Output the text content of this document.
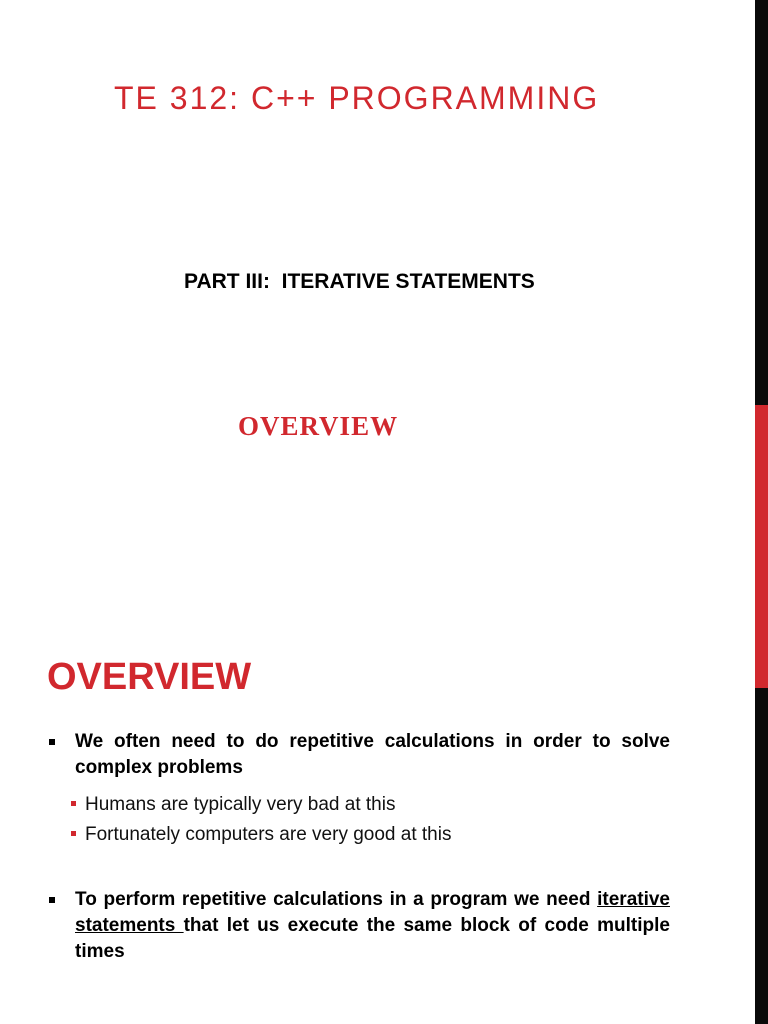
TE 312: C++ PROGRAMMING
PART III:  ITERATIVE STATEMENTS
OVERVIEW
OVERVIEW
We often need to do repetitive calculations in order to solve complex problems
Humans are typically very bad at this
Fortunately computers are very good at this
To perform repetitive calculations in a program we need iterative statements that let us execute the same block of code multiple times
